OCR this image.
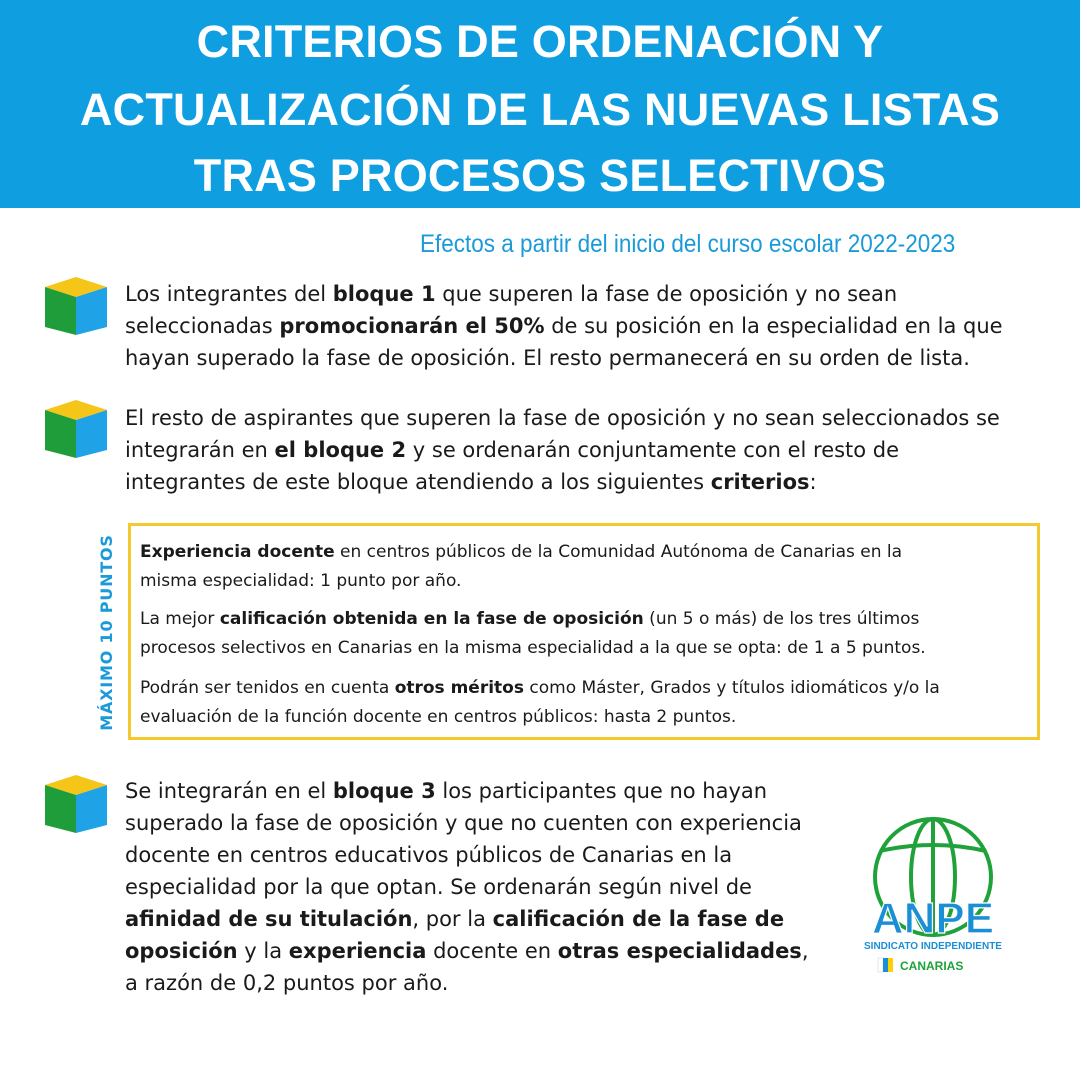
CRITERIOS DE ORDENACIÓN Y
ACTUALIZACIÓN DE LAS NUEVAS LISTAS
TRAS PROCESOS SELECTIVOS
Efectos a partir del inicio del curso escolar 2022-2023
Los integrantes del bloque 1 que superen la fase de oposición y no sean
seleccionadas promocionarán el 50% de su posición en la especialidad en la que
hayan superado la fase de oposición. El resto permanecerá en su orden de lista.
El resto de aspirantes que superen la fase de oposición y no sean seleccionados se
integrarán en el bloque 2 y se ordenarán conjuntamente con el resto de
integrantes de este bloque atendiendo a los siguientes criterios:
Se integrarán en el bloque 3 los participantes que no hayan
superado la fase de oposición y que no cuenten con experiencia
docente en centros educativos públicos de Canarias en la
especialidad por la que optan. Se ordenarán según nivel de
afinidad de su titulación, por la calificación de la fase de
oposición y la experiencia docente en otras especialidades,
a razón de 0,2 puntos por año.
MÁXIMO 10 PUNTOS	Experiencia docente en centros públicos de la Comunidad Autónoma de Canarias en la
misma especialidad: 1 punto por año.
La mejor calificación obtenida en la fase de oposición (un 5 o más) de los tres últimos
procesos selectivos en Canarias en la misma especialidad a la que se opta: de 1 a 5 puntos.
Podrán ser tenidos en cuenta otros méritos como Máster, Grados y títulos idiomáticos y/o la
evaluación de la función docente en centros públicos: hasta 2 puntos.
ANPE
SINDICATO INDEPENDIENTE
CANARIAS
